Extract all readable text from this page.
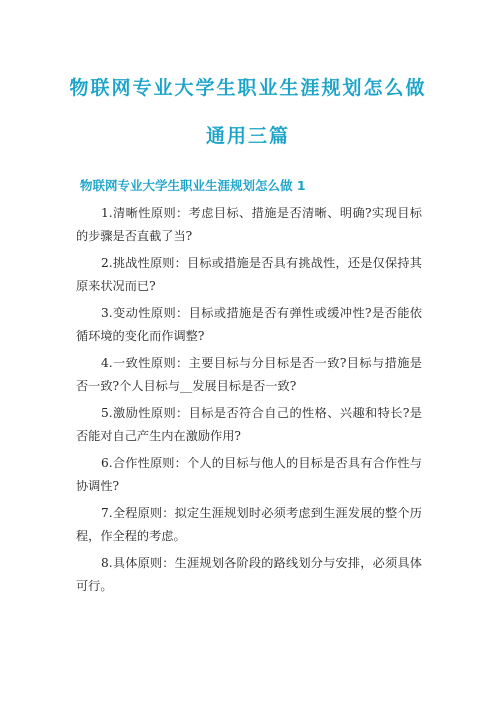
物联网专业大学生职业生涯规划怎么做
通用三篇
物联网专业大学生职业生涯规划怎么做 1

1.清晰性原则：考虑目标、措施是否清晰、明确?实现目标的步骤是否直截了当?

2.挑战性原则：目标或措施是否具有挑战性，还是仅保持其原来状况而已?

3.变动性原则：目标或措施是否有弹性或缓冲性?是否能依循环境的变化而作调整?

4.一致性原则：主要目标与分目标是否一致?目标与措施是否一致?个人目标与__发展目标是否一致?

5.激励性原则：目标是否符合自己的性格、兴趣和特长?是否能对自己产生内在激励作用?

6.合作性原则：个人的目标与他人的目标是否具有合作性与协调性?

7.全程原则：拟定生涯规划时必须考虑到生涯发展的整个历程，作全程的考虑。

8.具体原则：生涯规划各阶段的路线划分与安排，必须具体可行。
